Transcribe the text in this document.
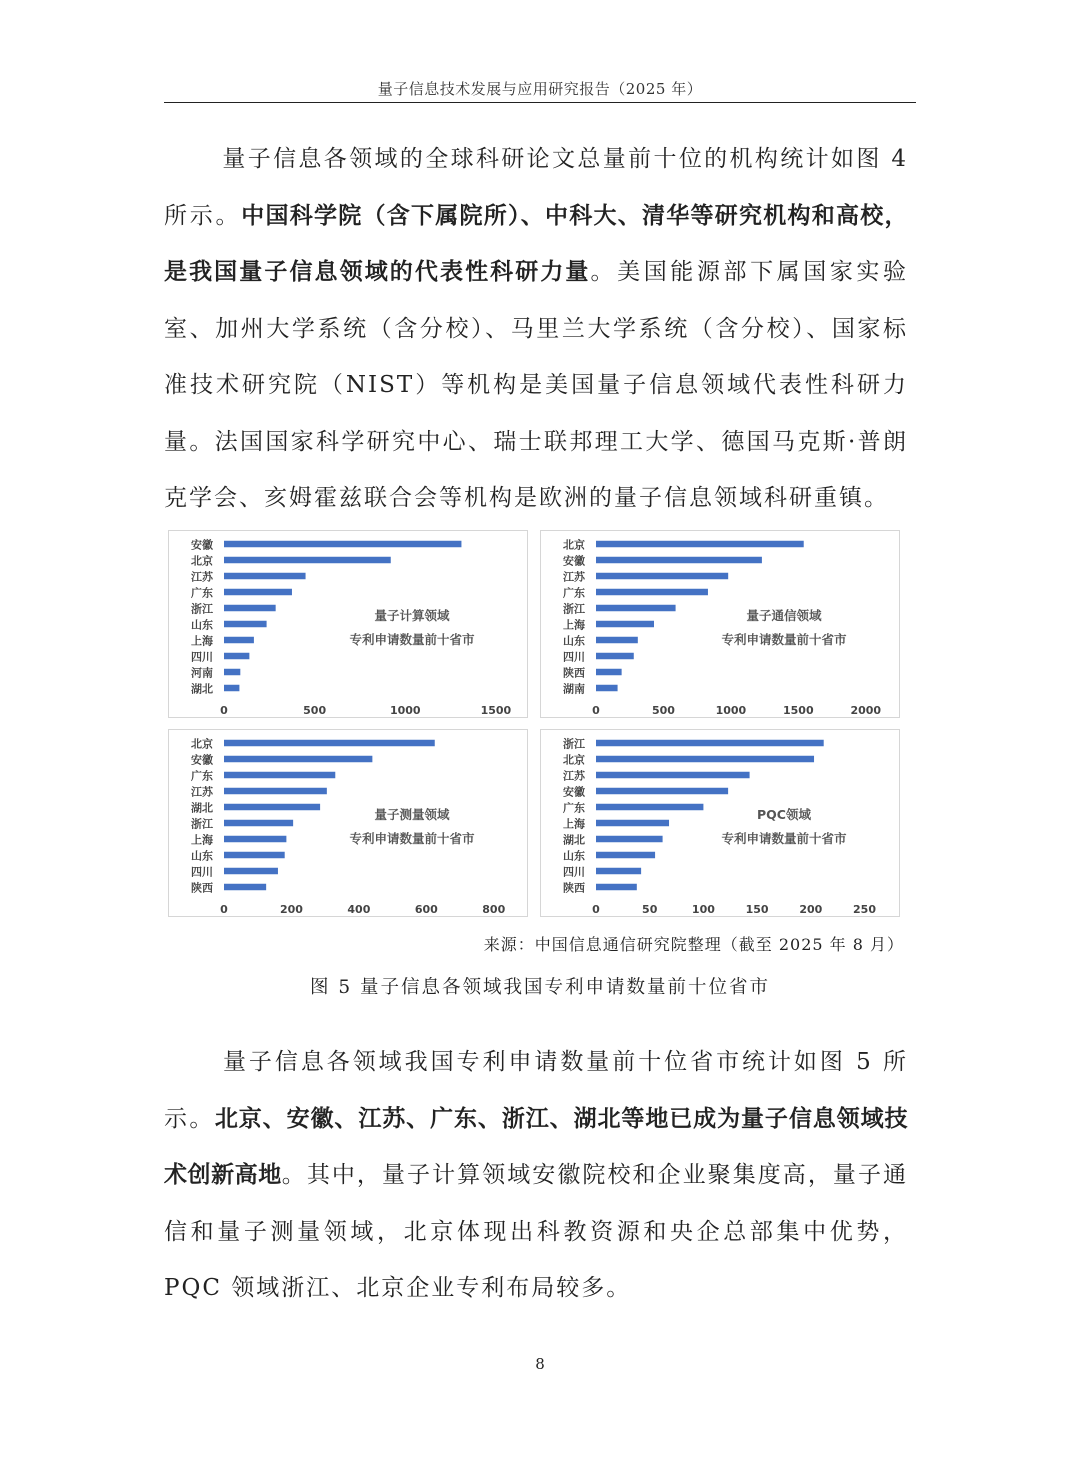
量子信息技术发展与应用研究报告（2025 年）

量子信息各领域的全球科研论文总量前十位的机构统计如图 4 所示。中国科学院（含下属院所）、中科大、清华等研究机构和高校，是我国量子信息领域的代表性科研力量。美国能源部下属国家实验室、加州大学系统（含分校）、马里兰大学系统（含分校）、国家标准技术研究院（NIST）等机构是美国量子信息领域代表性科研力量。法国国家科学研究中心、瑞士联邦理工大学、德国马克斯·普朗克学会、亥姆霍兹联合会等机构是欧洲的量子信息领域科研重镇。

安徽
北京
江苏
广东
浙江
山东
上海
四川
河南
湖北
0	500	1000	1500
量子计算领域
专利申请数量前十省市
北京
安徽
江苏
广东
浙江
上海
山东
四川
陕西
湖南
0	500	1000	1500	2000
量子通信领域
专利申请数量前十省市
北京
安徽
广东
江苏
湖北
浙江
上海
山东
四川
陕西
0	200	400	600	800
量子测量领域
专利申请数量前十省市
浙江
北京
江苏
安徽
广东
上海
湖北
山东
四川
陕西
0	50	100	150	200	250
PQC领域
专利申请数量前十省市
来源：中国信息通信研究院整理（截至 2025 年 8 月）
图 5 量子信息各领域我国专利申请数量前十位省市

量子信息各领域我国专利申请数量前十位省市统计如图 5 所示。北京、安徽、江苏、广东、浙江、湖北等地已成为量子信息领域技术创新高地。其中，量子计算领域安徽院校和企业聚集度高，量子通信和量子测量领域，北京体现出科教资源和央企总部集中优势，PQC 领域浙江、北京企业专利布局较多。

8
